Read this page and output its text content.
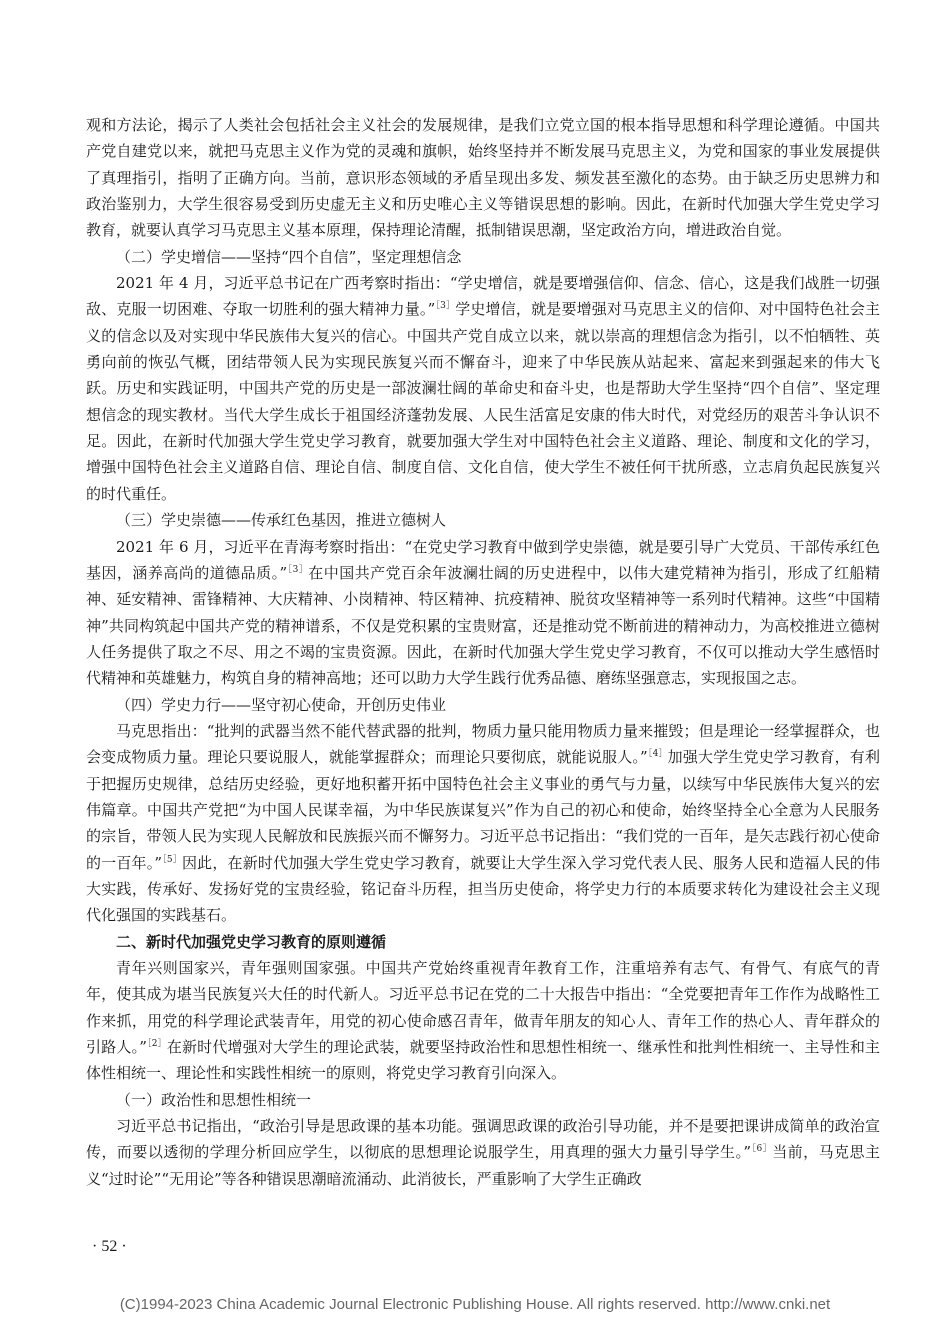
观和方法论，揭示了人类社会包括社会主义社会的发展规律，是我们立党立国的根本指导思想和科学理论遵循。中国共产党自建党以来，就把马克思主义作为党的灵魂和旗帜，始终坚持并不断发展马克思主义，为党和国家的事业发展提供了真理指引，指明了正确方向。当前，意识形态领域的矛盾呈现出多发、频发甚至激化的态势。由于缺乏历史思辨力和政治鉴别力，大学生很容易受到历史虚无主义和历史唯心主义等错误思想的影响。因此，在新时代加强大学生党史学习教育，就要认真学习马克思主义基本原理，保持理论清醒，抵制错误思潮，坚定政治方向，增进政治自觉。

（二）学史增信——坚持“四个自信”，坚定理想信念

2021 年 4 月，习近平总书记在广西考察时指出：“学史增信，就是要增强信仰、信念、信心，这是我们战胜一切强敌、克服一切困难、夺取一切胜利的强大精神力量。”$^{[3]}$学史增信，就是要增强对马克思主义的信仰、对中国特色社会主义的信念以及对实现中华民族伟大复兴的信心。中国共产党自成立以来，就以崇高的理想信念为指引，以不怕牺牲、英勇向前的恢弘气概，团结带领人民为实现民族复兴而不懈奋斗，迎来了中华民族从站起来、富起来到强起来的伟大飞跃。历史和实践证明，中国共产党的历史是一部波澜壮阔的革命史和奋斗史，也是帮助大学生坚持“四个自信”、坚定理想信念的现实教材。当代大学生成长于祖国经济蓬勃发展、人民生活富足安康的伟大时代，对党经历的艰苦斗争认识不足。因此，在新时代加强大学生党史学习教育，就要加强大学生对中国特色社会主义道路、理论、制度和文化的学习，增强中国特色社会主义道路自信、理论自信、制度自信、文化自信，使大学生不被任何干扰所惑，立志肩负起民族复兴的时代重任。

（三）学史崇德——传承红色基因，推进立德树人

2021 年 6 月，习近平在青海考察时指出：“在党史学习教育中做到学史崇德，就是要引导广大党员、干部传承红色基因，涵养高尚的道德品质。”$^{[3]}$在中国共产党百余年波澜壮阔的历史进程中，以伟大建党精神为指引，形成了红船精神、延安精神、雷锋精神、大庆精神、小岗精神、特区精神、抗疫精神、脱贫攻坚精神等一系列时代精神。这些“中国精神”共同构筑起中国共产党的精神谱系，不仅是党积累的宝贵财富，还是推动党不断前进的精神动力，为高校推进立德树人任务提供了取之不尽、用之不竭的宝贵资源。因此，在新时代加强大学生党史学习教育，不仅可以推动大学生感悟时代精神和英雄魅力，构筑自身的精神高地；还可以助力大学生践行优秀品德、磨练坚强意志，实现报国之志。

（四）学史力行——坚守初心使命，开创历史伟业

马克思指出：“批判的武器当然不能代替武器的批判，物质力量只能用物质力量来摧毁；但是理论一经掌握群众，也会变成物质力量。理论只要说服人，就能掌握群众；而理论只要彻底，就能说服人。”$^{[4]}$加强大学生党史学习教育，有利于把握历史规律，总结历史经验，更好地积蓄开拓中国特色社会主义事业的勇气与力量，以续写中华民族伟大复兴的宏伟篇章。中国共产党把“为中国人民谋幸福，为中华民族谋复兴”作为自己的初心和使命，始终坚持全心全意为人民服务的宗旨，带领人民为实现人民解放和民族振兴而不懈努力。习近平总书记指出：“我们党的一百年，是矢志践行初心使命的一百年。”$^{[5]}$因此，在新时代加强大学生党史学习教育，就要让大学生深入学习党代表人民、服务人民和造福人民的伟大实践，传承好、发扬好党的宝贵经验，铭记奋斗历程，担当历史使命，将学史力行的本质要求转化为建设社会主义现代化强国的实践基石。

二、新时代加强党史学习教育的原则遵循

青年兴则国家兴，青年强则国家强。中国共产党始终重视青年教育工作，注重培养有志气、有骨气、有底气的青年，使其成为堪当民族复兴大任的时代新人。习近平总书记在党的二十大报告中指出：“全党要把青年工作作为战略性工作来抓，用党的科学理论武装青年，用党的初心使命感召青年，做青年朋友的知心人、青年工作的热心人、青年群众的引路人。”$^{[2]}$在新时代增强对大学生的理论武装，就要坚持政治性和思想性相统一、继承性和批判性相统一、主导性和主体性相统一、理论性和实践性相统一的原则，将党史学习教育引向深入。

（一）政治性和思想性相统一

习近平总书记指出，“政治引导是思政课的基本功能。强调思政课的政治引导功能，并不是要把课讲成简单的政治宣传，而要以透彻的学理分析回应学生，以彻底的思想理论说服学生，用真理的强大力量引导学生。”$^{[6]}$当前，马克思主义“过时论”“无用论”等各种错误思潮暗流涌动、此消彼长，严重影响了大学生正确政

· 52 ·
(C)1994-2023 China Academic Journal Electronic Publishing House. All rights reserved. http://www.cnki.net
